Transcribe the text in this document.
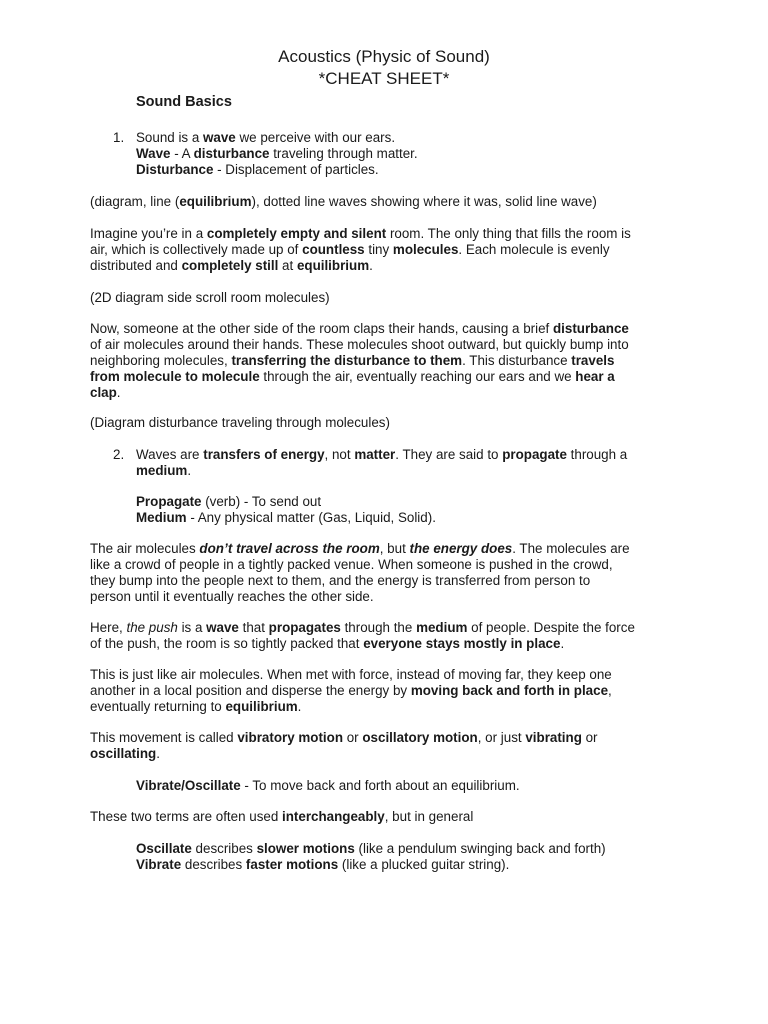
Acoustics (Physic of Sound)
*CHEAT SHEET*
Sound Basics
1. Sound is a wave we perceive with our ears.
Wave - A disturbance traveling through matter.
Disturbance - Displacement of particles.
(diagram, line (equilibrium), dotted line waves showing where it was, solid line wave)
Imagine you’re in a completely empty and silent room. The only thing that fills the room is
air, which is collectively made up of countless tiny molecules. Each molecule is evenly
distributed and completely still at equilibrium.
(2D diagram side scroll room molecules)
Now, someone at the other side of the room claps their hands, causing a brief disturbance
of air molecules around their hands. These molecules shoot outward, but quickly bump into
neighboring molecules, transferring the disturbance to them. This disturbance travels
from molecule to molecule through the air, eventually reaching our ears and we hear a
clap.
(Diagram disturbance traveling through molecules)
2. Waves are transfers of energy, not matter. They are said to propagate through a
medium.
Propagate (verb) - To send out
Medium - Any physical matter (Gas, Liquid, Solid).
The air molecules don’t travel across the room, but the energy does. The molecules are
like a crowd of people in a tightly packed venue. When someone is pushed in the crowd,
they bump into the people next to them, and the energy is transferred from person to
person until it eventually reaches the other side.
Here, the push is a wave that propagates through the medium of people. Despite the force
of the push, the room is so tightly packed that everyone stays mostly in place.
This is just like air molecules. When met with force, instead of moving far, they keep one
another in a local position and disperse the energy by moving back and forth in place,
eventually returning to equilibrium.
This movement is called vibratory motion or oscillatory motion, or just vibrating or
oscillating.
Vibrate/Oscillate - To move back and forth about an equilibrium.
These two terms are often used interchangeably, but in general
Oscillate describes slower motions (like a pendulum swinging back and forth)
Vibrate describes faster motions (like a plucked guitar string).
